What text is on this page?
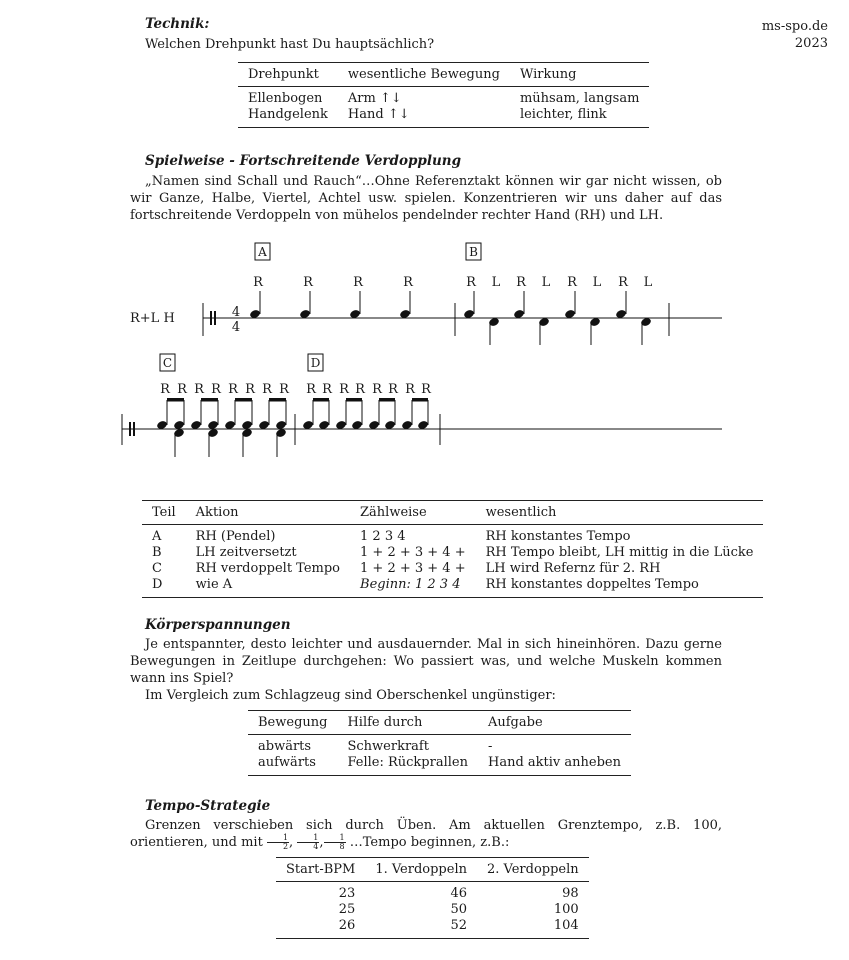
ms-spo.de
2023
Technik:
Welchen Drehpunkt hast Du hauptsächlich?
Drehpunkt	wesentliche Bewegung	Wirkung
Ellenbogen	Arm ↑↓	mühsam, langsam
Handgelenk	Hand ↑↓	leichter, flink
Spielweise - Fortschreitende Verdopplung
„Namen sind Schall und Rauch“…Ohne Referenztakt können wir gar nicht wissen, ob wir Ganze, Halbe, Viertel, Achtel usw. spielen. Konzentrieren wir uns daher auf das fortschreitende Verdoppeln von mühelos pendelnder rechter Hand (RH) und LH.
R+L H	4
4
A
R	R	R	R
B
R L R L R L R L
C
R R R R R R R R
D
R R R R R R R R
Teil	Aktion	Zählweise	wesentlich
A	RH (Pendel)	1 2 3 4	RH konstantes Tempo
B	LH zeitversetzt	1 + 2 + 3 + 4 +	RH Tempo bleibt, LH mittig in die Lücke
C	RH verdoppelt Tempo	1 + 2 + 3 + 4 +	LH wird Refernz für 2. RH
D	wie A	Beginn: 1 2 3 4	RH konstantes doppeltes Tempo
Körperspannungen
Je entspannter, desto leichter und ausdauernder. Mal in sich hineinhören. Dazu gerne Bewegungen in Zeitlupe durchgehen: Wo passiert was, und welche Muskeln kommen wann ins Spiel?
Im Vergleich zum Schlagzeug sind Oberschenkel ungünstiger:
Bewegung	Hilfe durch	Aufgabe
abwärts	Schwerkraft	-
aufwärts	Felle: Rückprallen	Hand aktiv anheben
Tempo-Strategie
Grenzen verschieben sich durch Üben. Am aktuellen Grenztempo, z.B. 100, orientieren, und mit $\frac{1}{2}$ , $\frac{1}{4}$ , $\frac{1}{8}$ …Tempo beginnen, z.B.:
Start-BPM	1. Verdoppeln	2. Verdoppeln
23	46	98
25	50	100
26	52	104
